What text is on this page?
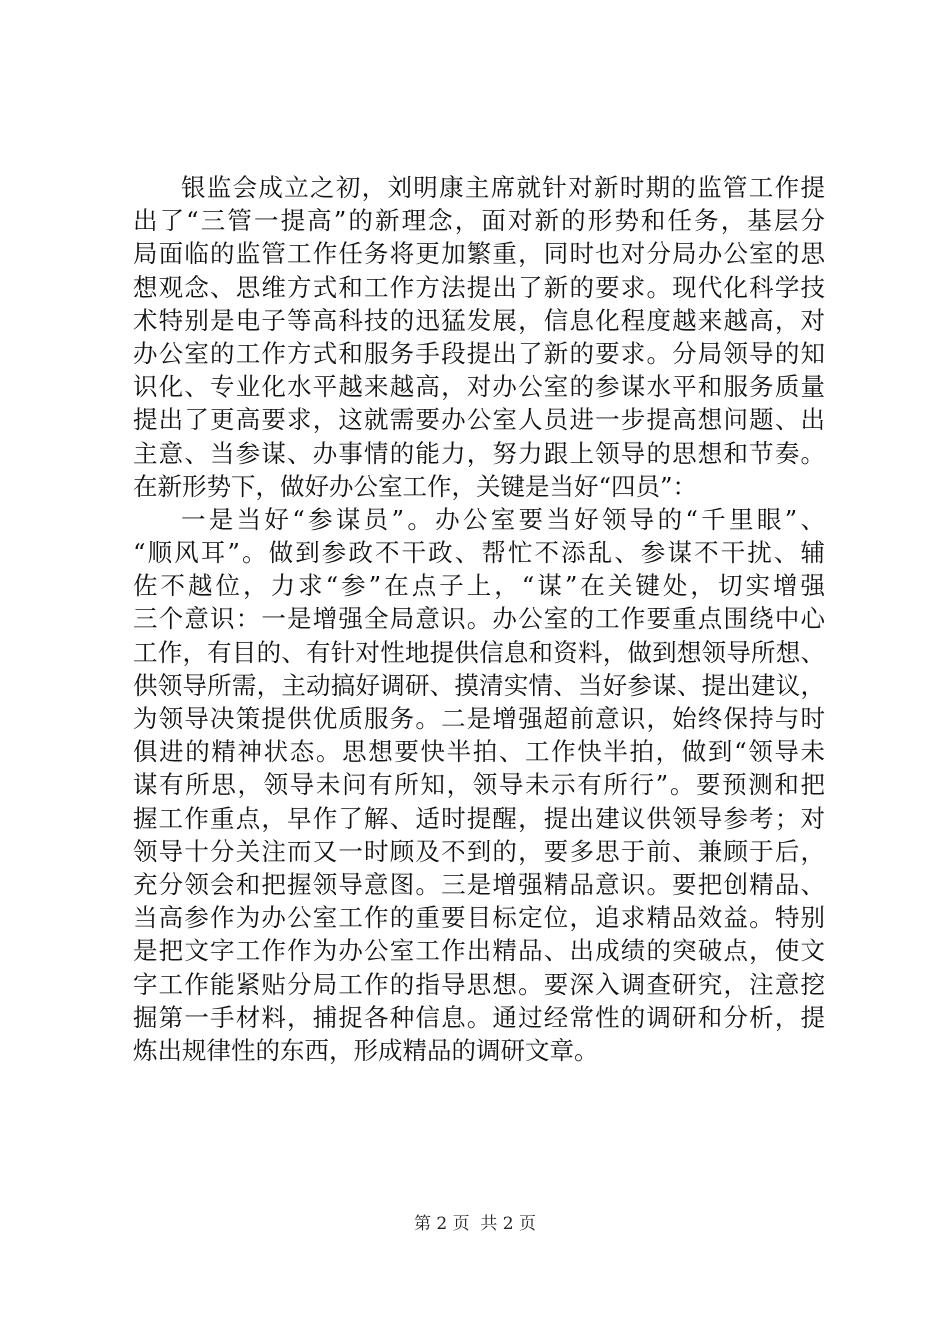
银监会成立之初，刘明康主席就针对新时期的监管工作提
出了“三管一提高”的新理念，面对新的形势和任务，基层分
局面临的监管工作任务将更加繁重，同时也对分局办公室的思
想观念、思维方式和工作方法提出了新的要求。现代化科学技
术特别是电子等高科技的迅猛发展，信息化程度越来越高，对
办公室的工作方式和服务手段提出了新的要求。分局领导的知
识化、专业化水平越来越高，对办公室的参谋水平和服务质量
提出了更高要求，这就需要办公室人员进一步提高想问题、出
主意、当参谋、办事情的能力，努力跟上领导的思想和节奏。
在新形势下，做好办公室工作，关键是当好“四员”：
一是当好“参谋员”。办公室要当好领导的“千里眼”、
“顺风耳”。做到参政不干政、帮忙不添乱、参谋不干扰、辅
佐不越位，力求“参”在点子上，“谋”在关键处，切实增强
三个意识：一是增强全局意识。办公室的工作要重点围绕中心
工作，有目的、有针对性地提供信息和资料，做到想领导所想、
供领导所需，主动搞好调研、摸清实情、当好参谋、提出建议，
为领导决策提供优质服务。二是增强超前意识，始终保持与时
俱进的精神状态。思想要快半拍、工作快半拍，做到“领导未
谋有所思，领导未问有所知，领导未示有所行”。要预测和把
握工作重点，早作了解、适时提醒，提出建议供领导参考；对
领导十分关注而又一时顾及不到的，要多思于前、兼顾于后，
充分领会和把握领导意图。三是增强精品意识。要把创精品、
当高参作为办公室工作的重要目标定位，追求精品效益。特别
是把文字工作作为办公室工作出精品、出成绩的突破点，使文
字工作能紧贴分局工作的指导思想。要深入调查研究，注意挖
掘第一手材料，捕捉各种信息。通过经常性的调研和分析，提
炼出规律性的东西，形成精品的调研文章。
第 2 页  共 2 页
